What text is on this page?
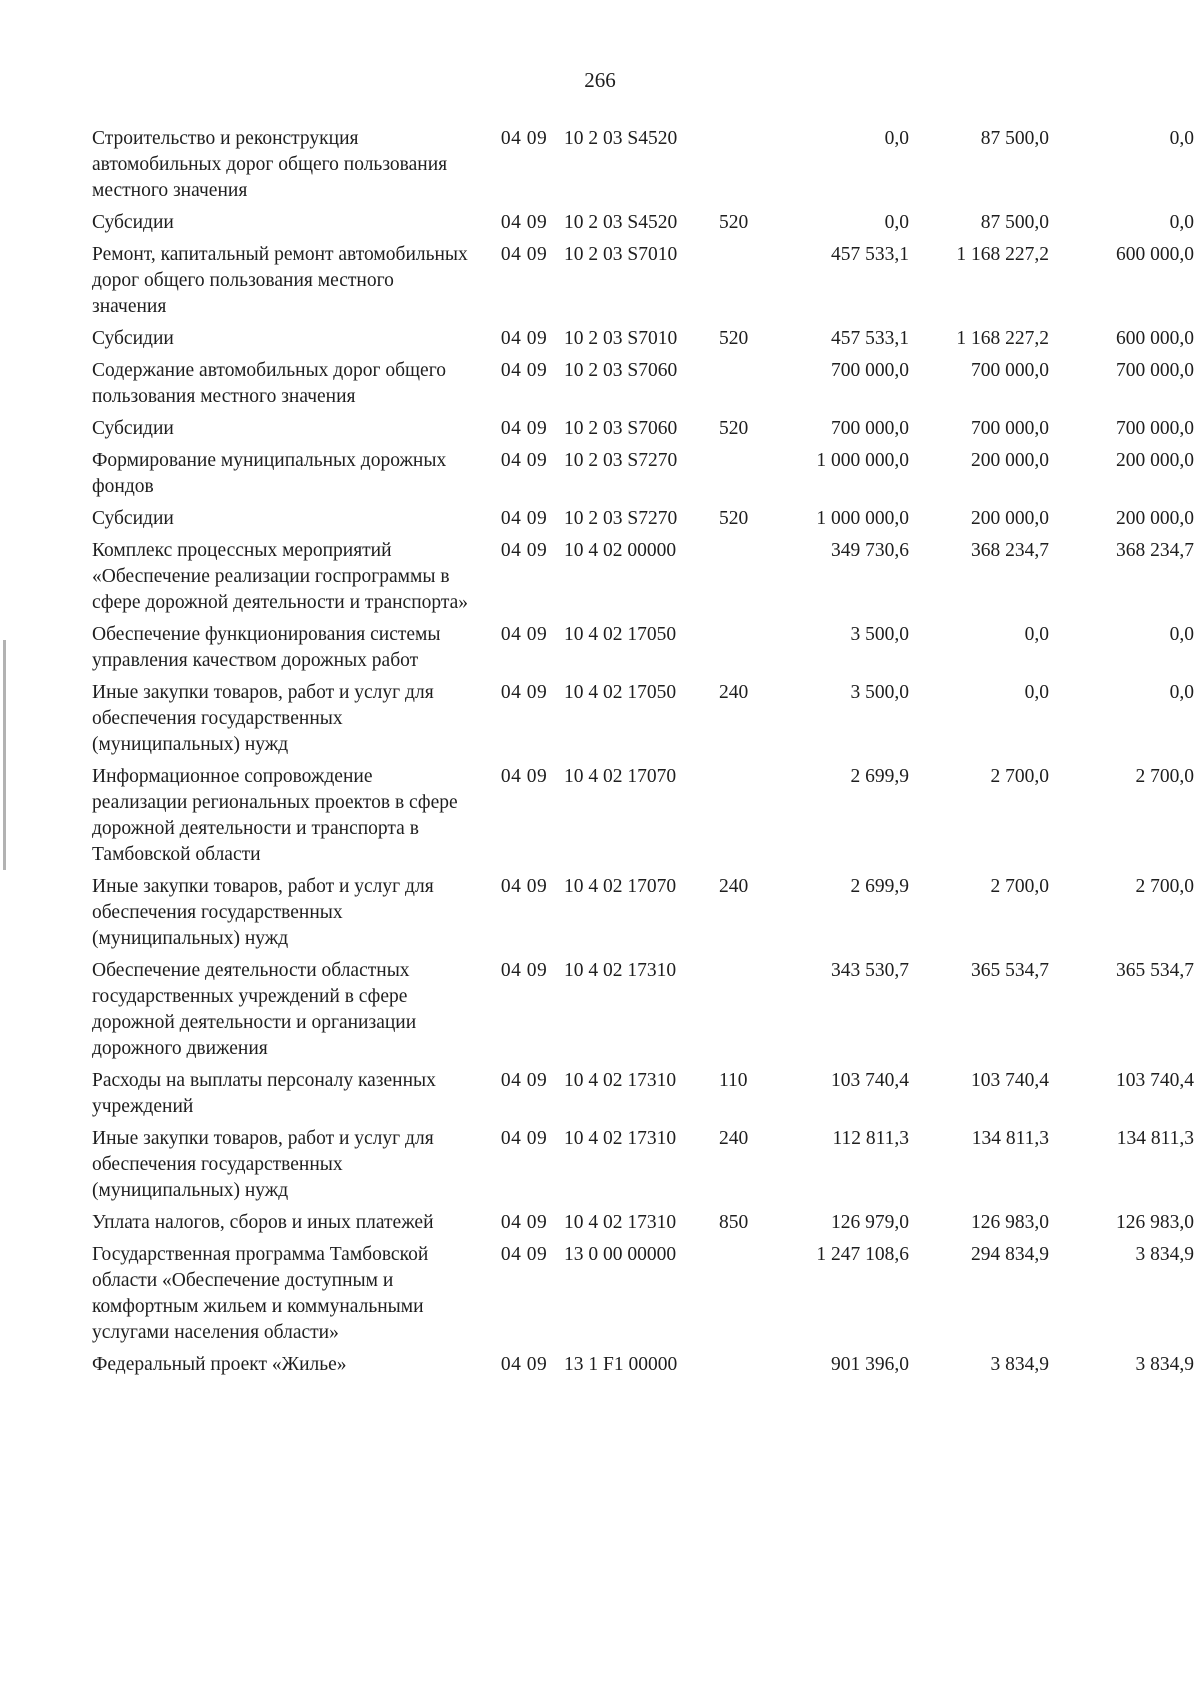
266
Строительство и реконструкция автомобильных дорог общего пользования местного значения	04 09	10 2 03 S4520		0,0	87 500,0	0,0
Субсидии	04 09	10 2 03 S4520	520	0,0	87 500,0	0,0
Ремонт, капитальный ремонт автомобильных дорог общего пользования местного значения	04 09	10 2 03 S7010		457 533,1	1 168 227,2	600 000,0
Субсидии	04 09	10 2 03 S7010	520	457 533,1	1 168 227,2	600 000,0
Содержание автомобильных дорог общего пользования местного значения	04 09	10 2 03 S7060		700 000,0	700 000,0	700 000,0
Субсидии	04 09	10 2 03 S7060	520	700 000,0	700 000,0	700 000,0
Формирование муниципальных дорожных фондов	04 09	10 2 03 S7270		1 000 000,0	200 000,0	200 000,0
Субсидии	04 09	10 2 03 S7270	520	1 000 000,0	200 000,0	200 000,0
Комплекс процессных мероприятий «Обеспечение реализации госпрограммы в сфере дорожной деятельности и транспорта»	04 09	10 4 02 00000		349 730,6	368 234,7	368 234,7
Обеспечение функционирования системы управления качеством дорожных работ	04 09	10 4 02 17050		3 500,0	0,0	0,0
Иные закупки товаров, работ и услуг для обеспечения государственных (муниципальных) нужд	04 09	10 4 02 17050	240	3 500,0	0,0	0,0
Информационное сопровождение реализации региональных проектов в сфере дорожной деятельности и транспорта в Тамбовской области	04 09	10 4 02 17070		2 699,9	2 700,0	2 700,0
Иные закупки товаров, работ и услуг для обеспечения государственных (муниципальных) нужд	04 09	10 4 02 17070	240	2 699,9	2 700,0	2 700,0
Обеспечение деятельности областных государственных учреждений в сфере дорожной деятельности и организации дорожного движения	04 09	10 4 02 17310		343 530,7	365 534,7	365 534,7
Расходы на выплаты персоналу казенных учреждений	04 09	10 4 02 17310	110	103 740,4	103 740,4	103 740,4
Иные закупки товаров, работ и услуг для обеспечения государственных (муниципальных) нужд	04 09	10 4 02 17310	240	112 811,3	134 811,3	134 811,3
Уплата налогов, сборов и иных платежей	04 09	10 4 02 17310	850	126 979,0	126 983,0	126 983,0
Государственная программа Тамбовской области «Обеспечение доступным и комфортным жильем и коммунальными услугами населения области»	04 09	13 0 00 00000		1 247 108,6	294 834,9	3 834,9
Федеральный проект «Жилье»	04 09	13 1 F1 00000		901 396,0	3 834,9	3 834,9
